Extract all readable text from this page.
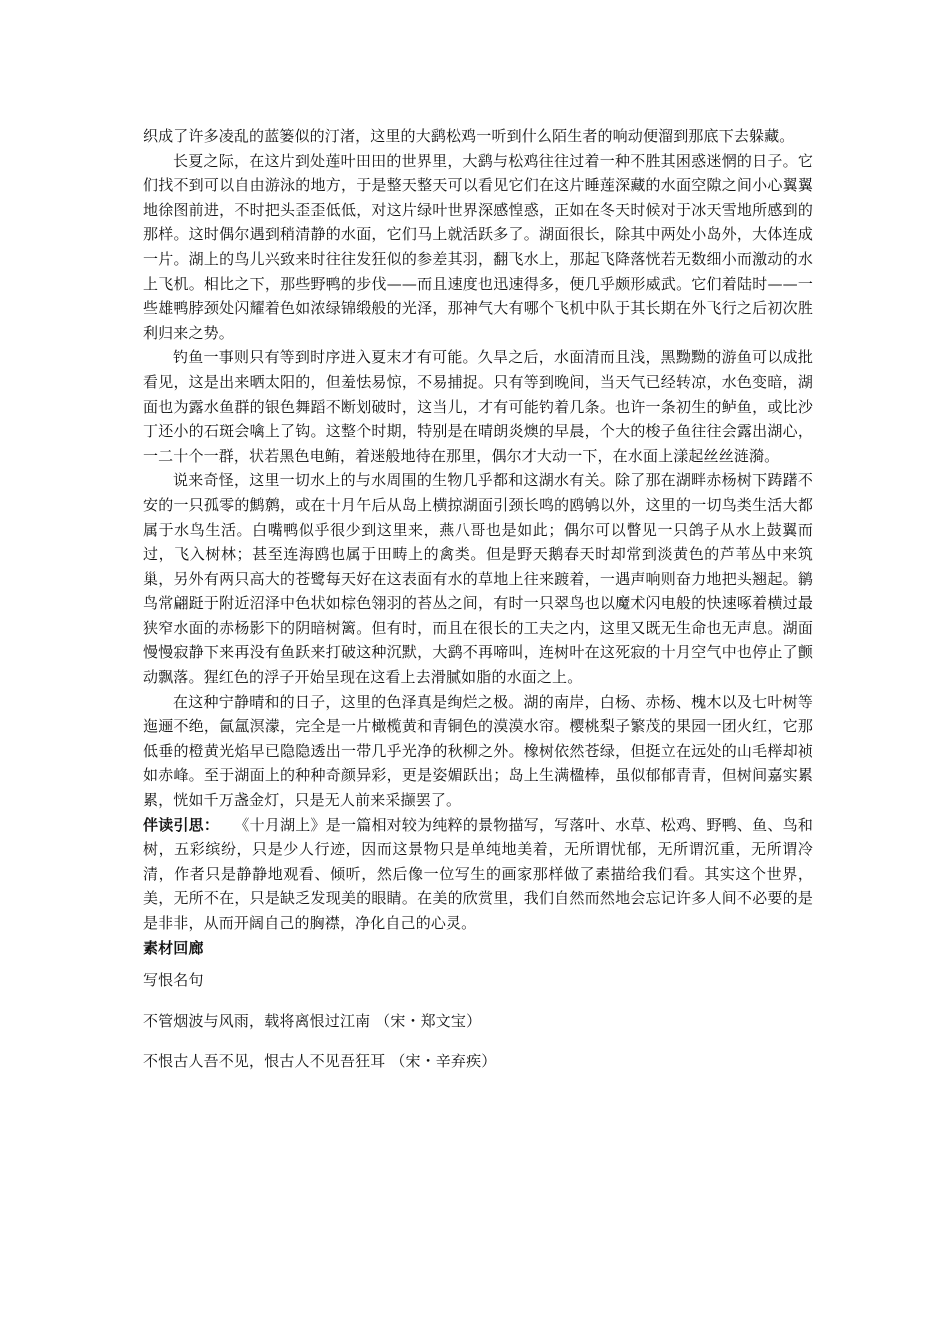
织成了许多凌乱的蓝篓似的汀渚，这里的大鹞松鸡一听到什么陌生者的响动便溜到那底下去躲藏。

长夏之际，在这片到处莲叶田田的世界里，大鹞与松鸡往往过着一种不胜其困惑迷惘的日子。它们找不到可以自由游泳的地方，于是整天整天可以看见它们在这片睡莲深藏的水面空隙之间小心翼翼地徐图前进，不时把头歪歪低低，对这片绿叶世界深感惶惑，正如在冬天时候对于冰天雪地所感到的那样。这时偶尔遇到稍清静的水面，它们马上就活跃多了。湖面很长，除其中两处小岛外，大体连成一片。湖上的鸟儿兴致来时往往发狂似的参差其羽，翻飞水上，那起飞降落恍若无数细小而激动的水上飞机。相比之下，那些野鸭的步伐——而且速度也迅速得多，便几乎颇形威武。它们着陆时——一些雄鸭脖颈处闪耀着色如浓绿锦缎般的光泽，那神气大有哪个飞机中队于其长期在外飞行之后初次胜利归来之势。

钓鱼一事则只有等到时序进入夏末才有可能。久旱之后，水面清而且浅，黑黝黝的游鱼可以成批看见，这是出来晒太阳的，但羞怯易惊，不易捕捉。只有等到晚间，当天气已经转凉，水色变暗，湖面也为露水鱼群的银色舞蹈不断划破时，这当儿，才有可能钓着几条。也许一条初生的鲈鱼，或比沙丁还小的石斑会噙上了钩。这整个时期，特别是在晴朗炎燠的早晨，个大的梭子鱼往往会露出湖心，一二十个一群，状若黑色电鲔，着迷般地待在那里，偶尔才大动一下，在水面上漾起丝丝涟漪。

说来奇怪，这里一切水上的与水周围的生物几乎都和这湖水有关。除了那在湖畔赤杨树下踌躇不安的一只孤零的鹪鹩，或在十月午后从岛上横掠湖面引颈长鸣的鸥鸲以外，这里的一切鸟类生活大都属于水鸟生活。白嘴鸭似乎很少到这里来，燕八哥也是如此；偶尔可以瞥见一只鸽子从水上鼓翼而过，飞入树林；甚至连海鸥也属于田畴上的禽类。但是野天鹅春天时却常到淡黄色的芦苇丛中来筑巢，另外有两只高大的苍鹭每天好在这表面有水的草地上往来踱着，一遇声响则奋力地把头翘起。鹟鸟常翩跹于附近沼泽中色状如棕色翎羽的苔丛之间，有时一只翠鸟也以魔术闪电般的快速啄着横过最狭窄水面的赤杨影下的阴暗树篱。但有时，而且在很长的工夫之内，这里又既无生命也无声息。湖面慢慢寂静下来再没有鱼跃来打破这种沉默，大鹞不再啼叫，连树叶在这死寂的十月空气中也停止了颤动飘落。猩红色的浮子开始呈现在这看上去滑腻如脂的水面之上。

在这种宁静晴和的日子，这里的色泽真是绚烂之极。湖的南岸，白杨、赤杨、槐木以及七叶树等迤逦不绝，氤氲溟濛，完全是一片橄榄黄和青铜色的漠漠水帘。樱桃梨子繁茂的果园一团火红，它那低垂的橙黄光焰早已隐隐透出一带几乎光净的秋柳之外。橡树依然苍绿，但挺立在远处的山毛榉却祯如赤峰。至于湖面上的种种奇颜异彩，更是姿媚跃出；岛上生满楹棒，虽似郁郁青青，但树间嘉实累累，恍如千万盏金灯，只是无人前来采撷罢了。

伴读引思：  《十月湖上》是一篇相对较为纯粹的景物描写，写落叶、水草、松鸡、野鸭、鱼、鸟和树，五彩缤纷，只是少人行迹，因而这景物只是单纯地美着，无所谓忧郁，无所谓沉重，无所谓冷清，作者只是静静地观看、倾听，然后像一位写生的画家那样做了素描给我们看。其实这个世界，美，无所不在，只是缺乏发现美的眼睛。在美的欣赏里，我们自然而然地会忘记许多人间不必要的是是非非，从而开阔自己的胸襟，净化自己的心灵。

素材回廊

写恨名句

不管烟波与风雨，载将离恨过江南 （宋・郑文宝）

不恨古人吾不见，恨古人不见吾狂耳 （宋・辛弃疾）
